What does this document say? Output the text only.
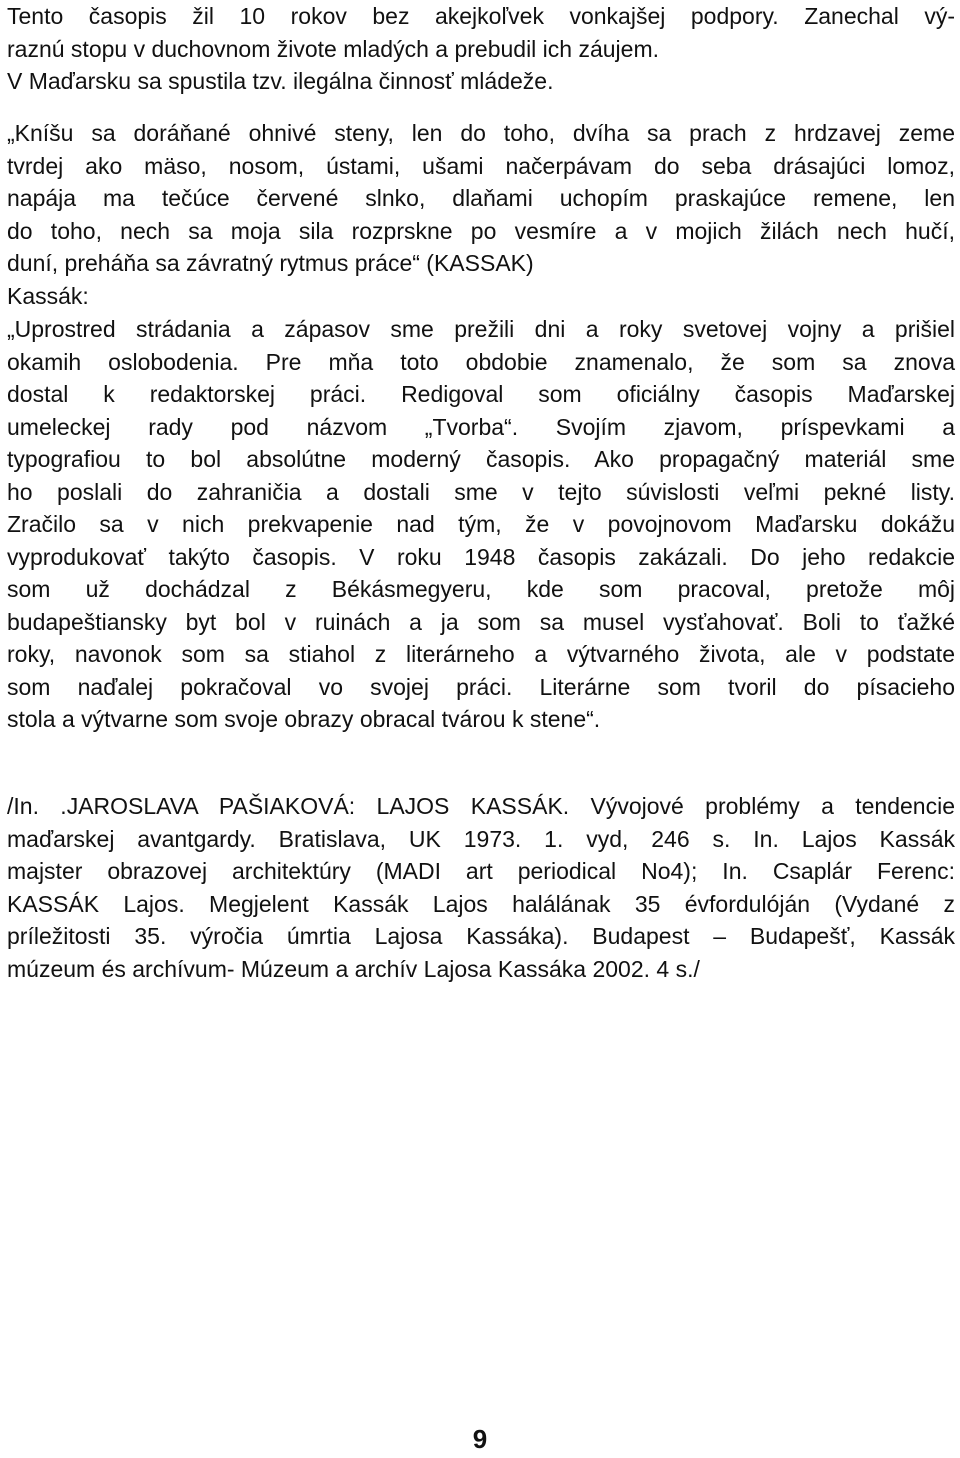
Tento časopis žil 10 rokov bez akejkoľvek vonkajšej podpory. Zanechal vý-
raznú stopu v duchovnom živote mladých a prebudil ich záujem.
V Maďarsku sa spustila tzv. ilegálna činnosť mládeže.
„Kníšu sa doráňané ohnivé steny, len do toho, dvíha sa prach z hrdzavej zeme
tvrdej ako mäso, nosom, ústami, ušami načerpávam do seba drásajúci lomoz,
napája ma tečúce červené slnko, dlaňami uchopím praskajúce remene, len
do toho, nech sa moja sila rozprskne po vesmíre a v mojich žilách nech hučí,
duní, preháňa sa závratný rytmus práce“ (KASSAK)
Kassák:
„Uprostred strádania a zápasov sme prežili dni a roky svetovej vojny a prišiel
okamih oslobodenia. Pre mňa toto obdobie znamenalo, že som sa znova
dostal k redaktorskej práci. Redigoval som oficiálny časopis Maďarskej
umeleckej rady pod názvom „Tvorba“. Svojím zjavom, príspevkami a
typografiou to bol absolútne moderný časopis. Ako propagačný materiál sme
ho poslali do zahraničia a dostali sme v tejto súvislosti veľmi pekné listy.
Zračilo sa v nich prekvapenie nad tým, že v povojnovom Maďarsku dokážu
vyprodukovať takýto časopis. V roku 1948 časopis zakázali. Do jeho redakcie
som už dochádzal z Békásmegyeru, kde som pracoval, pretože môj
budapeštiansky byt bol v ruinách a ja som sa musel vysťahovať. Boli to ťažké
roky, navonok som sa stiahol z literárneho a výtvarného života, ale v podstate
som naďalej pokračoval vo svojej práci. Literárne som tvoril do písacieho
stola a výtvarne som svoje obrazy obracal tvárou k stene“.
/In. .JAROSLAVA PAŠIAKOVÁ: LAJOS KASSÁK. Vývojové problémy a tendencie
maďarskej avantgardy. Bratislava, UK 1973. 1. vyd, 246 s. In. Lajos Kassák
majster obrazovej architektúry (MADI art periodical No4); In. Csaplár Ferenc:
KASSÁK Lajos. Megjelent Kassák Lajos halálának 35 évfordulóján (Vydané z
príležitosti 35. výročia úmrtia Lajosa Kassáka). Budapest – Budapešť, Kassák
múzeum és archívum- Múzeum a archív Lajosa Kassáka 2002. 4 s./
9
